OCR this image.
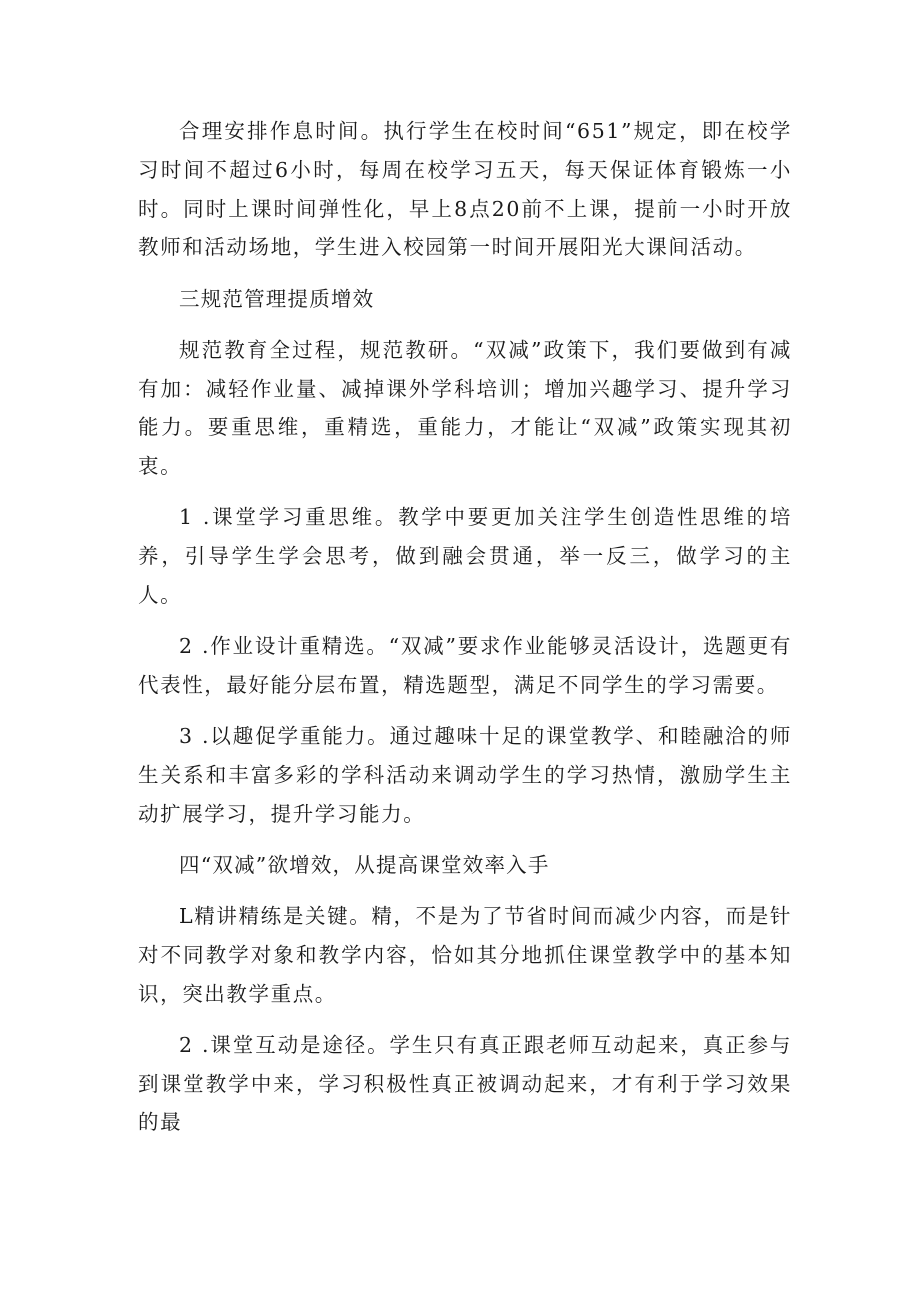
合理安排作息时间。执行学生在校时间“651”规定，即在校学习时间不超过6小时，每周在校学习五天，每天保证体育锻炼一小时。同时上课时间弹性化，早上8点20前不上课，提前一小时开放教师和活动场地，学生进入校园第一时间开展阳光大课间活动。

三规范管理提质增效

规范教育全过程，规范教研。“双减”政策下，我们要做到有减有加：减轻作业量、减掉课外学科培训；增加兴趣学习、提升学习能力。要重思维，重精选，重能力，才能让“双减”政策实现其初衷。

1 .课堂学习重思维。教学中要更加关注学生创造性思维的培养，引导学生学会思考，做到融会贯通，举一反三，做学习的主人。

2 .作业设计重精选。“双减”要求作业能够灵活设计，选题更有代表性，最好能分层布置，精选题型，满足不同学生的学习需要。

3 .以趣促学重能力。通过趣味十足的课堂教学、和睦融洽的师生关系和丰富多彩的学科活动来调动学生的学习热情，激励学生主动扩展学习，提升学习能力。

四“双减”欲增效，从提高课堂效率入手

L精讲精练是关键。精，不是为了节省时间而减少内容，而是针对不同教学对象和教学内容，恰如其分地抓住课堂教学中的基本知识，突出教学重点。

2 .课堂互动是途径。学生只有真正跟老师互动起来，真正参与到课堂教学中来，学习积极性真正被调动起来，才有利于学习效果的最
